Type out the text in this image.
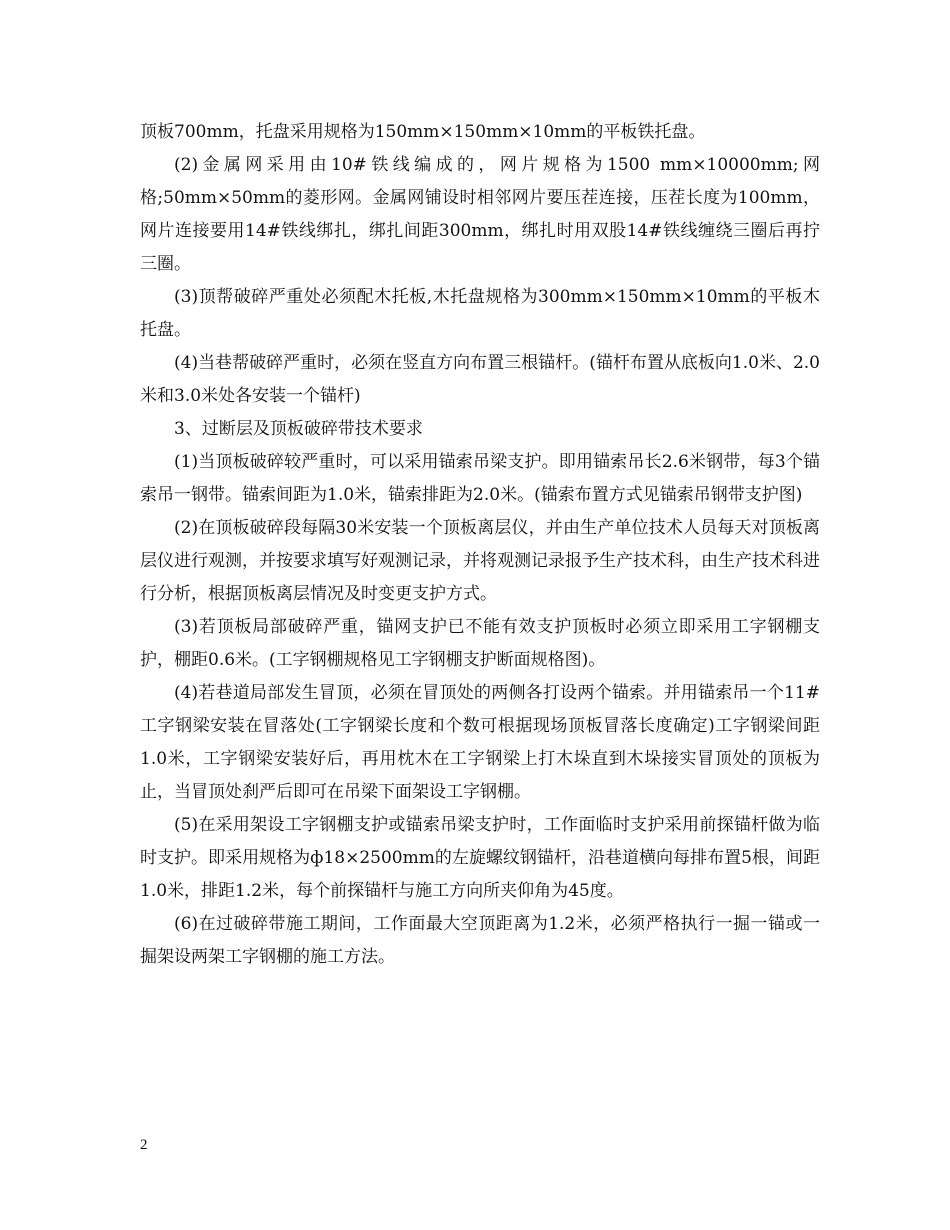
顶板700mm，托盘采用规格为150mm×150mm×10mm的平板铁托盘。

(2)金属网采用由10#铁线编成的，网片规格为1500 mm×10000mm;网格;50mm×50mm的菱形网。金属网铺设时相邻网片要压茬连接，压茬长度为100mm，网片连接要用14#铁线绑扎，绑扎间距300mm，绑扎时用双股14#铁线缠绕三圈后再拧三圈。

(3)顶帮破碎严重处必须配木托板,木托盘规格为300mm×150mm×10mm的平板木托盘。

(4)当巷帮破碎严重时，必须在竖直方向布置三根锚杆。(锚杆布置从底板向1.0米、2.0米和3.0米处各安装一个锚杆)

3、过断层及顶板破碎带技术要求

(1)当顶板破碎较严重时，可以采用锚索吊梁支护。即用锚索吊长2.6米钢带，每3个锚索吊一钢带。锚索间距为1.0米，锚索排距为2.0米。(锚索布置方式见锚索吊钢带支护图)

(2)在顶板破碎段每隔30米安装一个顶板离层仪，并由生产单位技术人员每天对顶板离层仪进行观测，并按要求填写好观测记录，并将观测记录报予生产技术科，由生产技术科进行分析，根据顶板离层情况及时变更支护方式。

(3)若顶板局部破碎严重，锚网支护已不能有效支护顶板时必须立即采用工字钢棚支护，棚距0.6米。(工字钢棚规格见工字钢棚支护断面规格图)。

(4)若巷道局部发生冒顶，必须在冒顶处的两侧各打设两个锚索。并用锚索吊一个11#工字钢梁安装在冒落处(工字钢梁长度和个数可根据现场顶板冒落长度确定)工字钢梁间距1.0米，工字钢梁安装好后，再用枕木在工字钢梁上打木垛直到木垛接实冒顶处的顶板为止，当冒顶处刹严后即可在吊梁下面架设工字钢棚。

(5)在采用架设工字钢棚支护或锚索吊梁支护时，工作面临时支护采用前探锚杆做为临时支护。即采用规格为ф18×2500mm的左旋螺纹钢锚杆，沿巷道横向每排布置5根，间距1.0米，排距1.2米，每个前探锚杆与施工方向所夹仰角为45度。

(6)在过破碎带施工期间，工作面最大空顶距离为1.2米，必须严格执行一掘一锚或一掘架设两架工字钢棚的施工方法。

2
